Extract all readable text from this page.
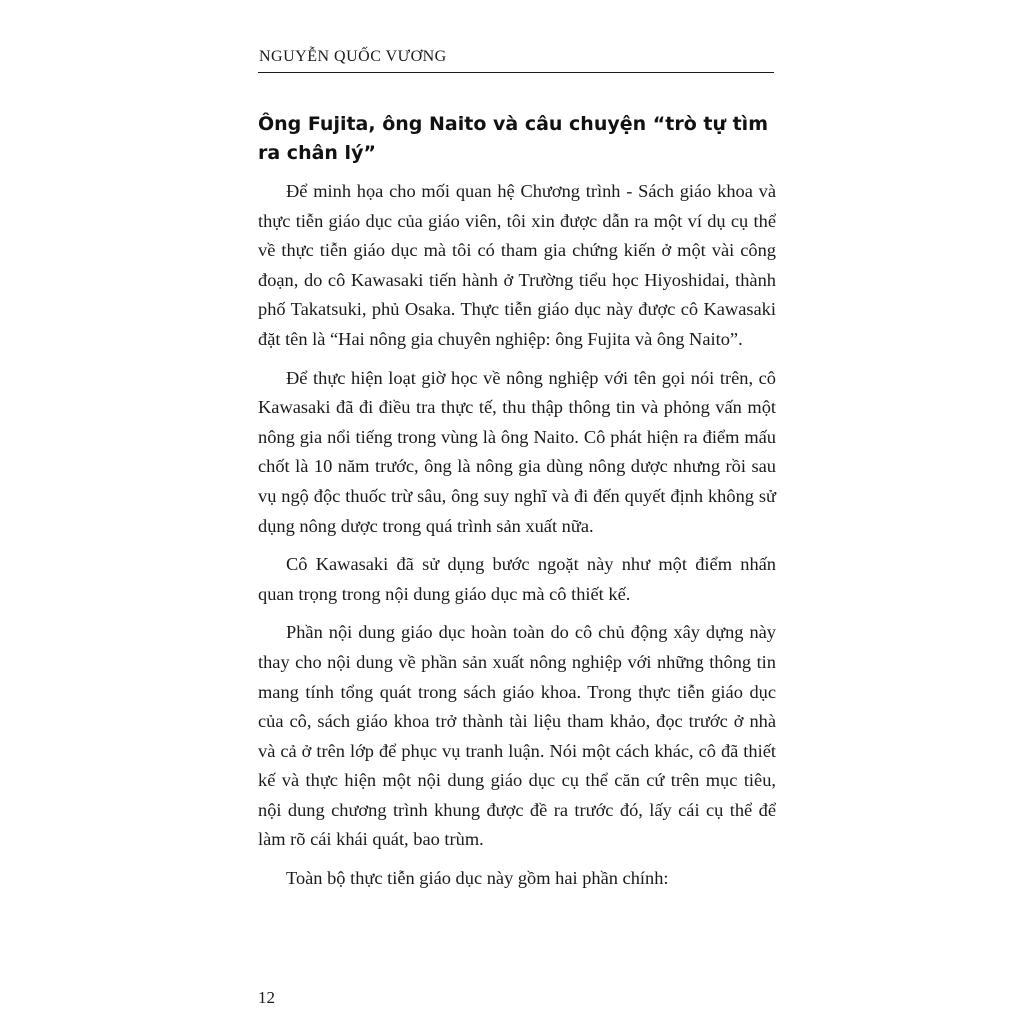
NGUYỄN QUỐC VƯƠNG
Ông Fujita, ông Naito và câu chuyện “trò tự tìm ra chân lý”

Để minh họa cho mối quan hệ Chương trình - Sách giáo khoa và thực tiễn giáo dục của giáo viên, tôi xin được dẫn ra một ví dụ cụ thể về thực tiễn giáo dục mà tôi có tham gia chứng kiến ở một vài công đoạn, do cô Kawasaki tiến hành ở Trường tiểu học Hiyoshidai, thành phố Takatsuki, phủ Osaka. Thực tiễn giáo dục này được cô Kawasaki đặt tên là “Hai nông gia chuyên nghiệp: ông Fujita và ông Naito”.

Để thực hiện loạt giờ học về nông nghiệp với tên gọi nói trên, cô Kawasaki đã đi điều tra thực tế, thu thập thông tin và phỏng vấn một nông gia nổi tiếng trong vùng là ông Naito. Cô phát hiện ra điểm mấu chốt là 10 năm trước, ông là nông gia dùng nông dược nhưng rồi sau vụ ngộ độc thuốc trừ sâu, ông suy nghĩ và đi đến quyết định không sử dụng nông dược trong quá trình sản xuất nữa.

Cô Kawasaki đã sử dụng bước ngoặt này như một điểm nhấn quan trọng trong nội dung giáo dục mà cô thiết kế.

Phần nội dung giáo dục hoàn toàn do cô chủ động xây dựng này thay cho nội dung về phần sản xuất nông nghiệp với những thông tin mang tính tổng quát trong sách giáo khoa. Trong thực tiễn giáo dục của cô, sách giáo khoa trở thành tài liệu tham khảo, đọc trước ở nhà và cả ở trên lớp để phục vụ tranh luận. Nói một cách khác, cô đã thiết kế và thực hiện một nội dung giáo dục cụ thể căn cứ trên mục tiêu, nội dung chương trình khung được đề ra trước đó, lấy cái cụ thể để làm rõ cái khái quát, bao trùm.

Toàn bộ thực tiễn giáo dục này gồm hai phần chính:

12
